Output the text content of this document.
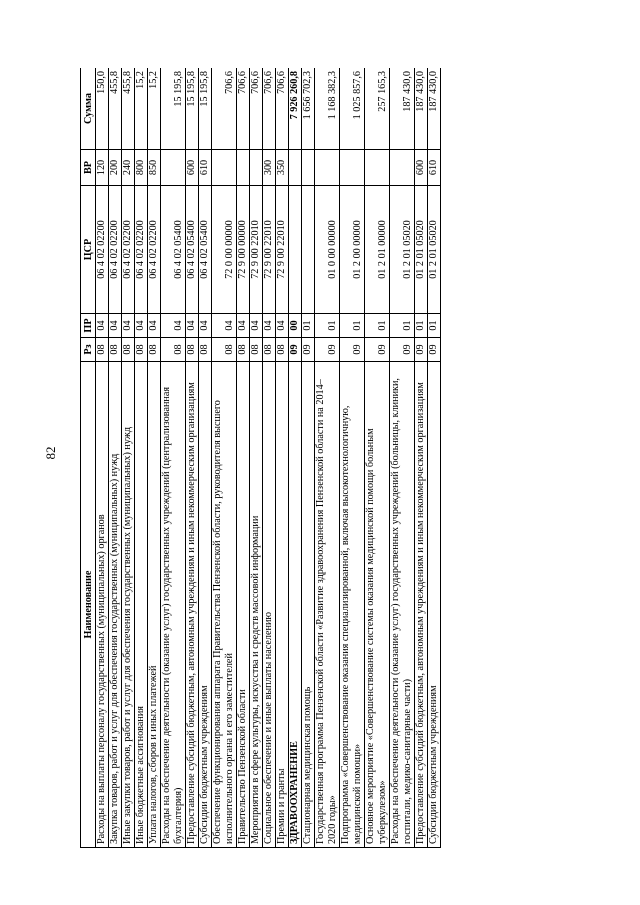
82
Наименование	Рз	ПР	ЦСР	ВР	Сумма
Расходы на выплаты персоналу государственных (муниципальных) органов	08	04	06 4 02 02200	120	150,0
Закупка товаров, работ и услуг для обеспечения государственных (муниципальных) нужд	08	04	06 4 02 02200	200	455,8
Иные закупки товаров, работ и услуг для обеспечения государственных (муниципальных) нужд	08	04	06 4 02 02200	240	455,8
Иные бюджетные ассигнования	08	04	06 4 02 02200	800	15,2
Уплата налогов, сборов и иных платежей	08	04	06 4 02 02200	850	15,2
Расходы на обеспечение деятельности (оказание услуг) государственных учреждений (централизованная бухгалтерия)	08	04	06 4 02 05400		15 195,8
Предоставление субсидий бюджетным, автономным учреждениям и иным некоммерческим организациям	08	04	06 4 02 05400	600	15 195,8
Субсидии бюджетным учреждениям	08	04	06 4 02 05400	610	15 195,8
Обеспечение функционирования аппарата Правительства Пензенской области, руководителя высшего исполнительного органа и его заместителей	08	04	72 0 00 00000		706,6
Правительство Пензенской области	08	04	72 9 00 00000		706,6
Мероприятия в сфере культуры, искусства и средств массовой информации	08	04	72 9 00 22010		706,6
Социальное обеспечение и иные выплаты населению	08	04	72 9 00 22010	300	706,6
Премии и гранты	08	04	72 9 00 22010	350	706,6
ЗДРАВООХРАНЕНИЕ	09	00			7 926 260,8
Стационарная медицинская помощь	09	01			1 656 702,3
Государственная программа Пензенской области «Развитие здравоохранения Пензенской области на 2014–2020 годы»	09	01	01 0 00 00000		1 168 382,3
Подпрограмма «Совершенствование оказания специализированной, включая высокотехнологичную, медицинской помощи»	09	01	01 2 00 00000		1 025 857,6
Основное мероприятие «Совершенствование системы оказания медицинской помощи больным туберкулезом»	09	01	01 2 01 00000		257 165,3
Расходы на обеспечение деятельности (оказание услуг) государственных учреждений (больницы, клиники, госпитали, медико-санитарные части)	09	01	01 2 01 05020		187 430,0
Предоставление субсидий бюджетным, автономным учреждениям и иным некоммерческим организациям	09	01	01 2 01 05020	600	187 430,0
Субсидии бюджетным учреждениям	09	01	01 2 01 05020	610	187 430,0
